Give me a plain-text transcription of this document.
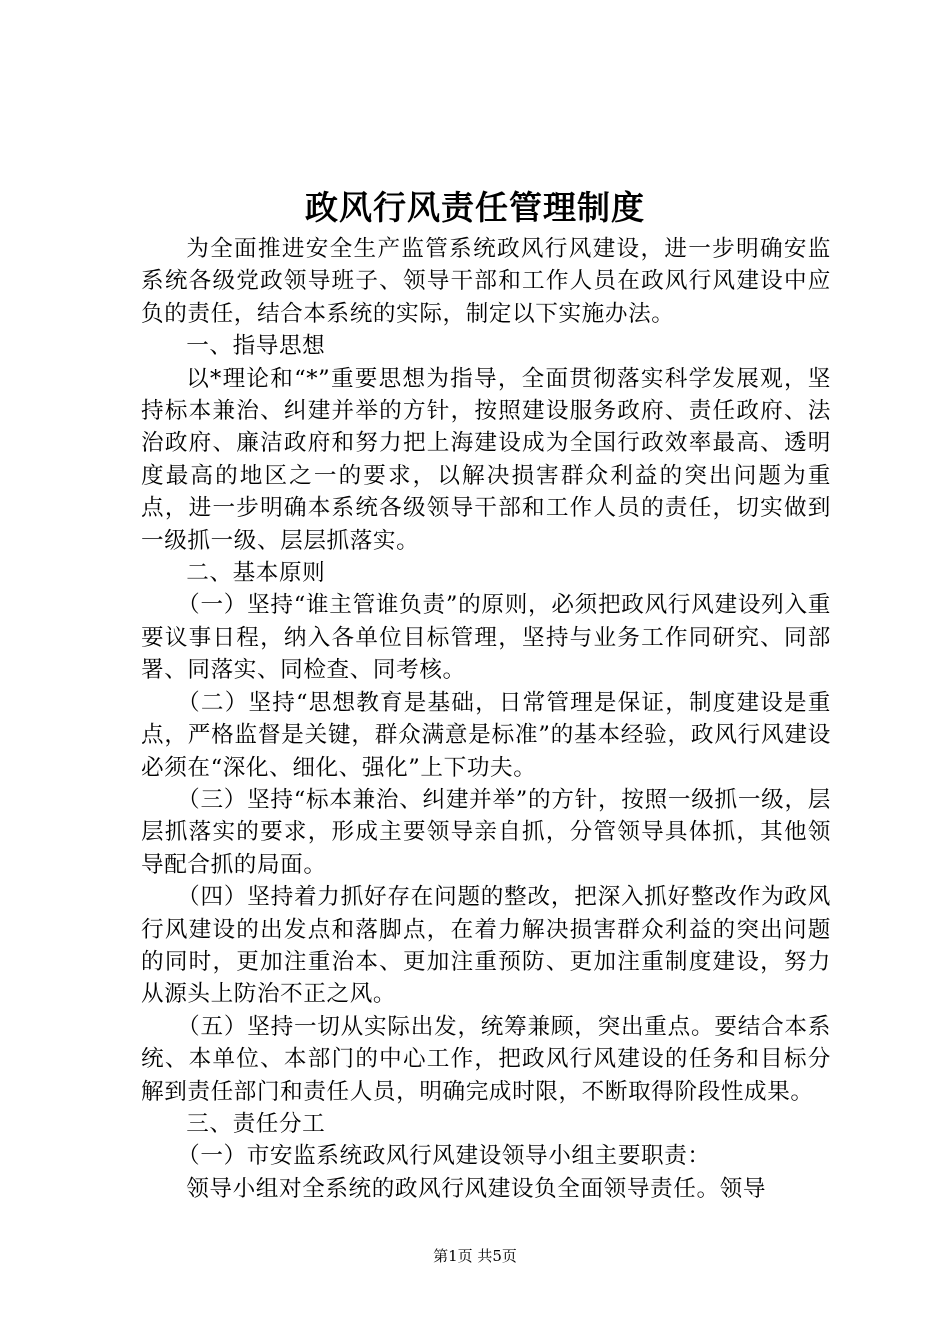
政风行风责任管理制度

为全面推进安全生产监管系统政风行风建设，进一步明确安监系统各级党政领导班子、领导干部和工作人员在政风行风建设中应负的责任，结合本系统的实际，制定以下实施办法。

一、指导思想

以*理论和“*”重要思想为指导，全面贯彻落实科学发展观，坚持标本兼治、纠建并举的方针，按照建设服务政府、责任政府、法治政府、廉洁政府和努力把上海建设成为全国行政效率最高、透明度最高的地区之一的要求，以解决损害群众利益的突出问题为重点，进一步明确本系统各级领导干部和工作人员的责任，切实做到一级抓一级、层层抓落实。

二、基本原则

（一）坚持“谁主管谁负责”的原则，必须把政风行风建设列入重要议事日程，纳入各单位目标管理，坚持与业务工作同研究、同部署、同落实、同检查、同考核。

（二）坚持“思想教育是基础，日常管理是保证，制度建设是重点，严格监督是关键，群众满意是标准”的基本经验，政风行风建设必须在“深化、细化、强化”上下功夫。

（三）坚持“标本兼治、纠建并举”的方针，按照一级抓一级，层层抓落实的要求，形成主要领导亲自抓，分管领导具体抓，其他领导配合抓的局面。

（四）坚持着力抓好存在问题的整改，把深入抓好整改作为政风行风建设的出发点和落脚点，在着力解决损害群众利益的突出问题的同时，更加注重治本、更加注重预防、更加注重制度建设，努力从源头上防治不正之风。

（五）坚持一切从实际出发，统筹兼顾，突出重点。要结合本系统、本单位、本部门的中心工作，把政风行风建设的任务和目标分解到责任部门和责任人员，明确完成时限，不断取得阶段性成果。

三、责任分工

（一）市安监系统政风行风建设领导小组主要职责：

领导小组对全系统的政风行风建设负全面领导责任。领导

第1页 共5页
